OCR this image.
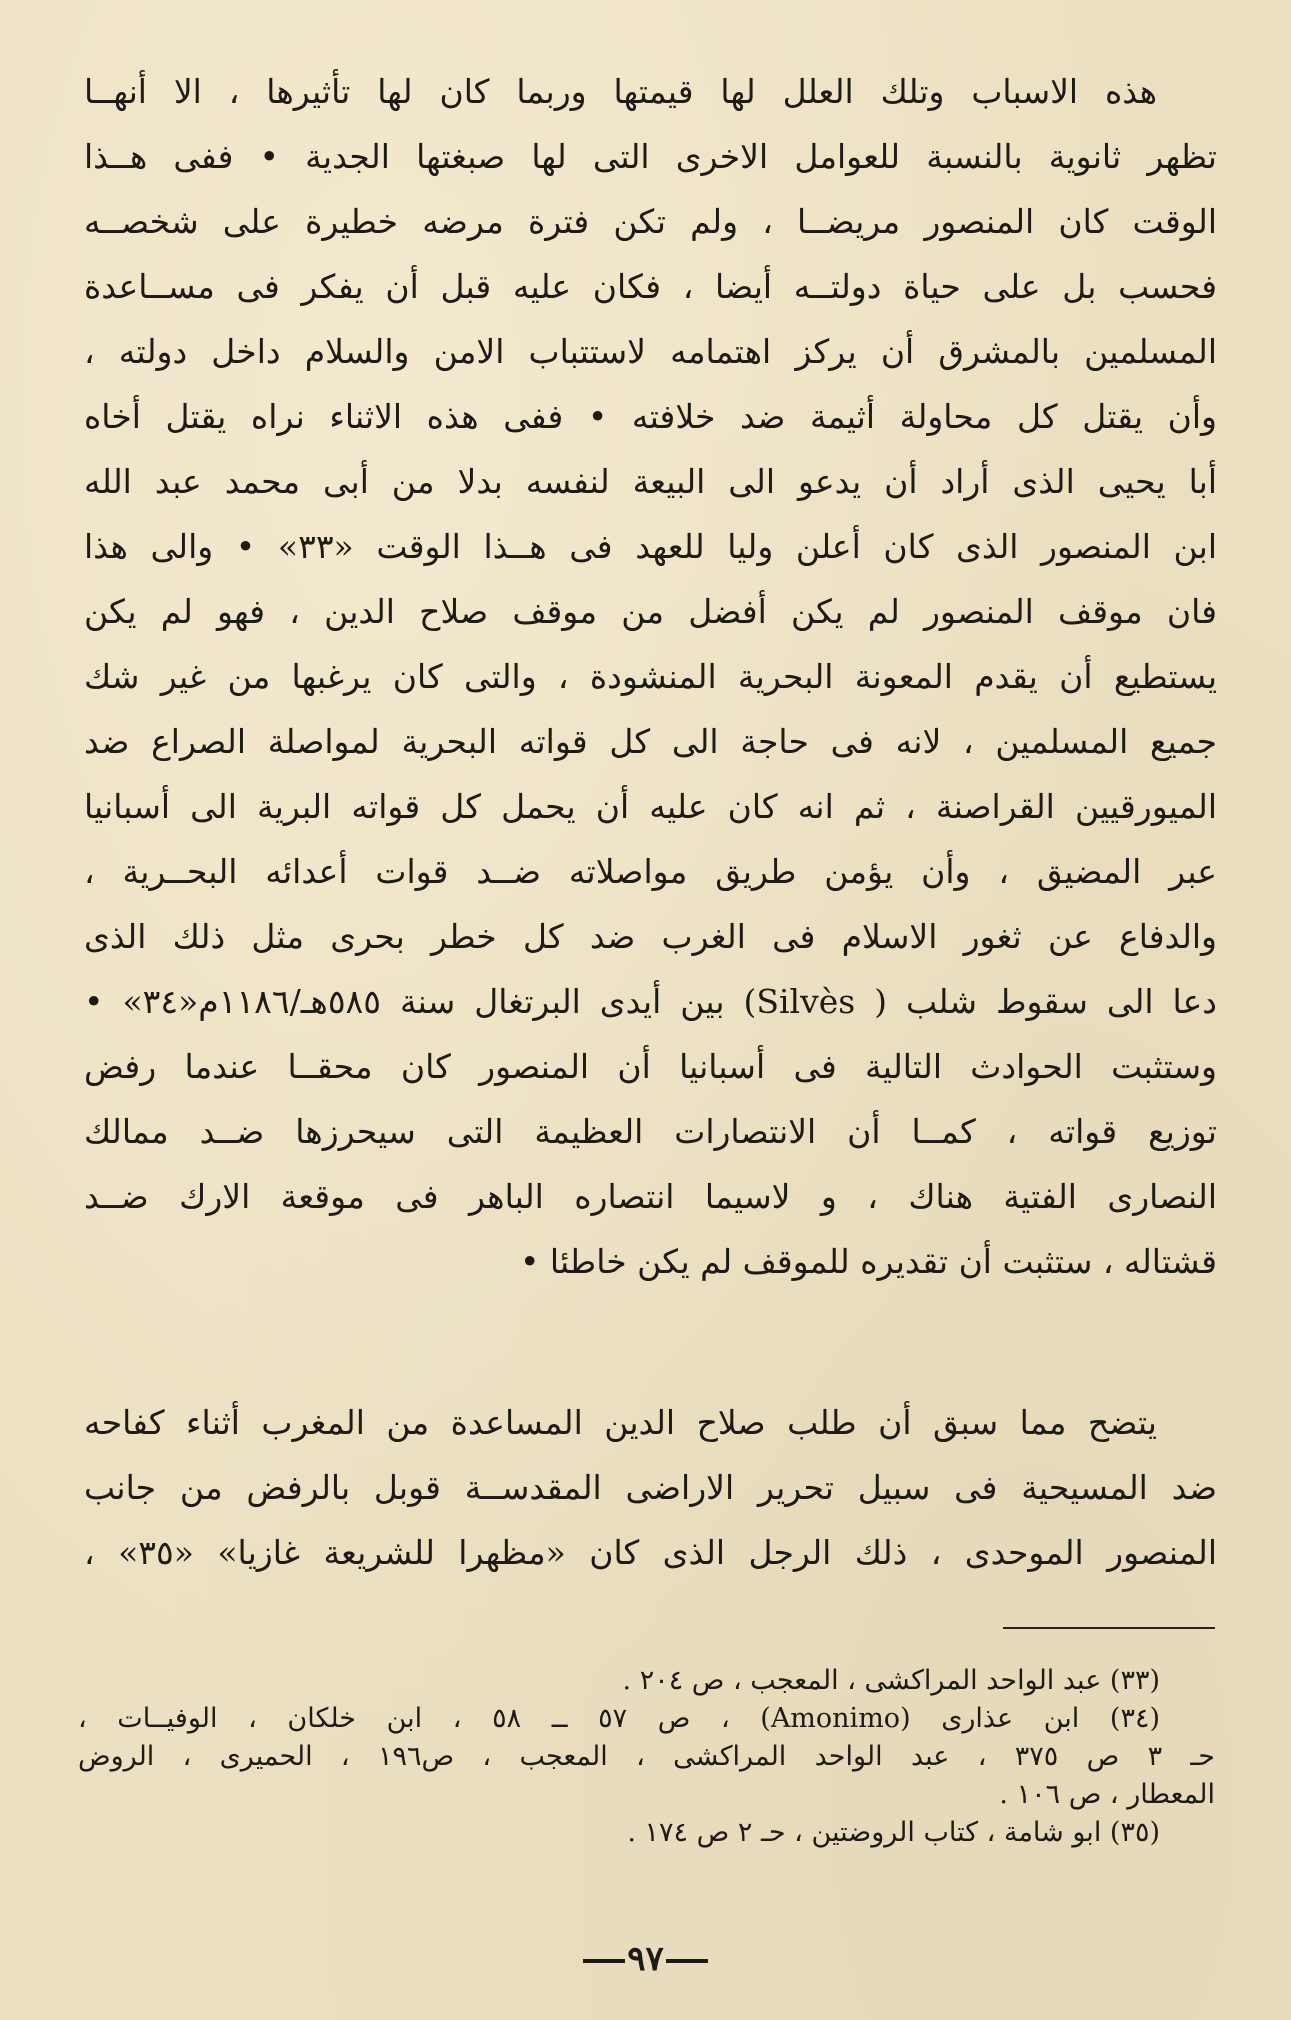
هذه الاسباب وتلك العلل لها قيمتها وربما كان لها تأثيرها ، الا أنهــا
تظهر ثانوية بالنسبة للعوامل الاخرى التى لها صبغتها الجدية • ففى هــذا
الوقت كان المنصور مريضــا ، ولم تكن فترة مرضه خطيرة على شخصــه
فحسب بل على حياة دولتــه أيضا ، فكان عليه قبل أن يفكر فى مســاعدة
المسلمين بالمشرق أن يركز اهتمامه لاستتباب الامن والسلام داخل دولته ،
وأن يقتل كل محاولة أثيمة ضد خلافته • ففى هذه الاثناء نراه يقتل أخاه
أبا يحيى الذى أراد أن يدعو الى البيعة لنفسه بدلا من أبى محمد عبد الله
ابن المنصور الذى كان أعلن وليا للعهد فى هــذا الوقت «٣٣» • والى هذا
فان موقف المنصور لم يكن أفضل من موقف صلاح الدين ، فهو لم يكن
يستطيع أن يقدم المعونة البحرية المنشودة ، والتى كان يرغبها من غير شك
جميع المسلمين ، لانه فى حاجة الى كل قواته البحرية لمواصلة الصراع ضد
الميورقيين القراصنة ، ثم انه كان عليه أن يحمل كل قواته البرية الى أسبانيا
عبر المضيق ، وأن يؤمن طريق مواصلاته ضــد قوات أعدائه البحــرية ،
والدفاع عن ثغور الاسلام فى الغرب ضد كل خطر بحرى مثل ذلك الذى
دعا الى سقوط شلب ( Silvès) بين أيدى البرتغال سنة ٥٨٥هـ/١١٨٦م«٣٤» •
وستثبت الحوادث التالية فى أسبانيا أن المنصور كان محقــا عندما رفض
توزيع قواته ، كمــا أن الانتصارات العظيمة التى سيحرزها ضــد ممالك
النصارى الفتية هناك ، و لاسيما انتصاره الباهر فى موقعة الارك ضــد
قشتاله ، ستثبت أن تقديره للموقف لم يكن خاطئا •
يتضح مما سبق أن طلب صلاح الدين المساعدة من المغرب أثناء كفاحه
ضد المسيحية فى سبيل تحرير الاراضى المقدســة قوبل بالرفض من جانب
المنصور الموحدى ، ذلك الرجل الذى كان «مظهرا للشريعة غازيا» «٣٥» ،
(٣٣) عبد الواحد المراكشى ، المعجب ، ص ٢٠٤ .
(٣٤) ابن عذارى (Amonimo) ، ص ٥٧ ــ ٥٨ ، ابن خلكان ، الوفيــات ،
حـ ٣ ص ٣٧٥ ، عبد الواحد المراكشى ، المعجب ، ص١٩٦ ، الحميرى ، الروض
المعطار ، ص ١٠٦ .
(٣٥) ابو شامة ، كتاب الروضتين ، حـ ٢ ص ١٧٤ .
٩٧
